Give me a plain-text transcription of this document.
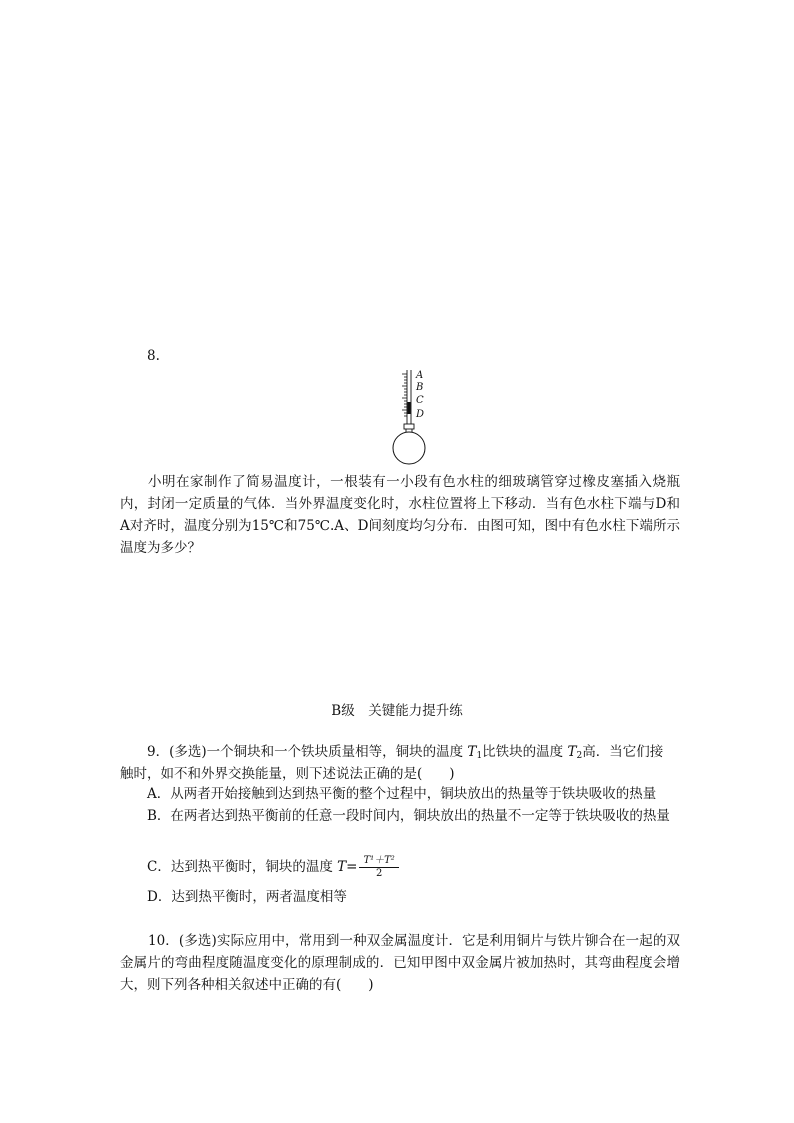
8.
A
B
C
D
小明在家制作了简易温度计，一根装有一小段有色水柱的细玻璃管穿过橡皮塞插入烧瓶内，封闭一定质量的气体．当外界温度变化时，水柱位置将上下移动．当有色水柱下端与D和A对齐时，温度分别为15℃和75℃.A、D间刻度均匀分布．由图可知，图中有色水柱下端所示温度为多少？
B级　关键能力提升练
9．(多选)一个铜块和一个铁块质量相等，铜块的温度 $T_1$比铁块的温度 $T_2$高．当它们接
触时，如不和外界交换能量，则下述说法正确的是(　　)
A．从两者开始接触到达到热平衡的整个过程中，铜块放出的热量等于铁块吸收的热量
B．在两者达到热平衡前的任意一段时间内，铜块放出的热量不一定等于铁块吸收的热量
C．达到热平衡时，铜块的温度 $T= \frac{\text{T¹＋T²}}{2}$
D．达到热平衡时，两者温度相等
10．(多选)实际应用中，常用到一种双金属温度计．它是利用铜片与铁片铆合在一起的双金属片的弯曲程度随温度变化的原理制成的．已知甲图中双金属片被加热时，其弯曲程度会增大，则下列各种相关叙述中正确的有(　　)
